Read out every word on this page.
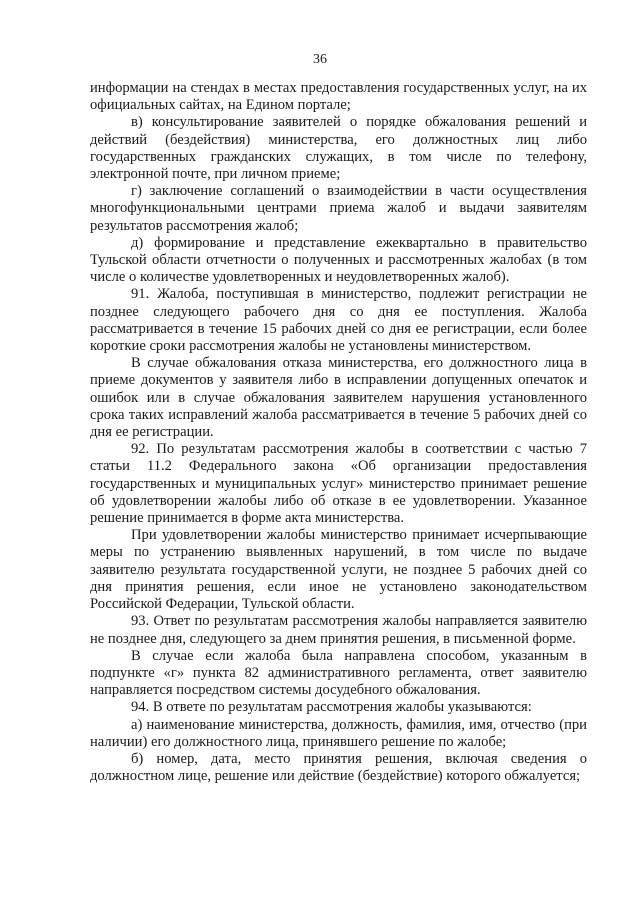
36

информации на стендах в местах предоставления государственных услуг, на их официальных сайтах, на Едином портале;

в) консультирование заявителей о порядке обжалования решений и действий (бездействия) министерства, его должностных лиц либо государственных гражданских служащих, в том числе по телефону, электронной почте, при личном приеме;

г) заключение соглашений о взаимодействии в части осуществления многофункциональными центрами приема жалоб и выдачи заявителям результатов рассмотрения жалоб;

д) формирование и представление ежеквартально в правительство Тульской области отчетности о полученных и рассмотренных жалобах (в том числе о количестве удовлетворенных и неудовлетворенных жалоб).

91. Жалоба, поступившая в министерство, подлежит регистрации не позднее следующего рабочего дня со дня ее поступления. Жалоба рассматривается в течение 15 рабочих дней со дня ее регистрации, если более короткие сроки рассмотрения жалобы не установлены министерством.

В случае обжалования отказа министерства, его должностного лица в приеме документов у заявителя либо в исправлении допущенных опечаток и ошибок или в случае обжалования заявителем нарушения установленного срока таких исправлений жалоба рассматривается в течение 5 рабочих дней со дня ее регистрации.

92. По результатам рассмотрения жалобы в соответствии с частью 7 статьи 11.2 Федерального закона «Об организации предоставления государственных и муниципальных услуг» министерство принимает решение об удовлетворении жалобы либо об отказе в ее удовлетворении. Указанное решение принимается в форме акта министерства.

При удовлетворении жалобы министерство принимает исчерпывающие меры по устранению выявленных нарушений, в том числе по выдаче заявителю результата государственной услуги, не позднее 5 рабочих дней со дня принятия решения, если иное не установлено законодательством Российской Федерации, Тульской области.

93. Ответ по результатам рассмотрения жалобы направляется заявителю не позднее дня, следующего за днем принятия решения, в письменной форме.

В случае если жалоба была направлена способом, указанным в подпункте «г» пункта 82 административного регламента, ответ заявителю направляется посредством системы досудебного обжалования.

94. В ответе по результатам рассмотрения жалобы указываются:

а) наименование министерства, должность, фамилия, имя, отчество (при наличии) его должностного лица, принявшего решение по жалобе;

б) номер, дата, место принятия решения, включая сведения о должностном лице, решение или действие (бездействие) которого обжалуется;
